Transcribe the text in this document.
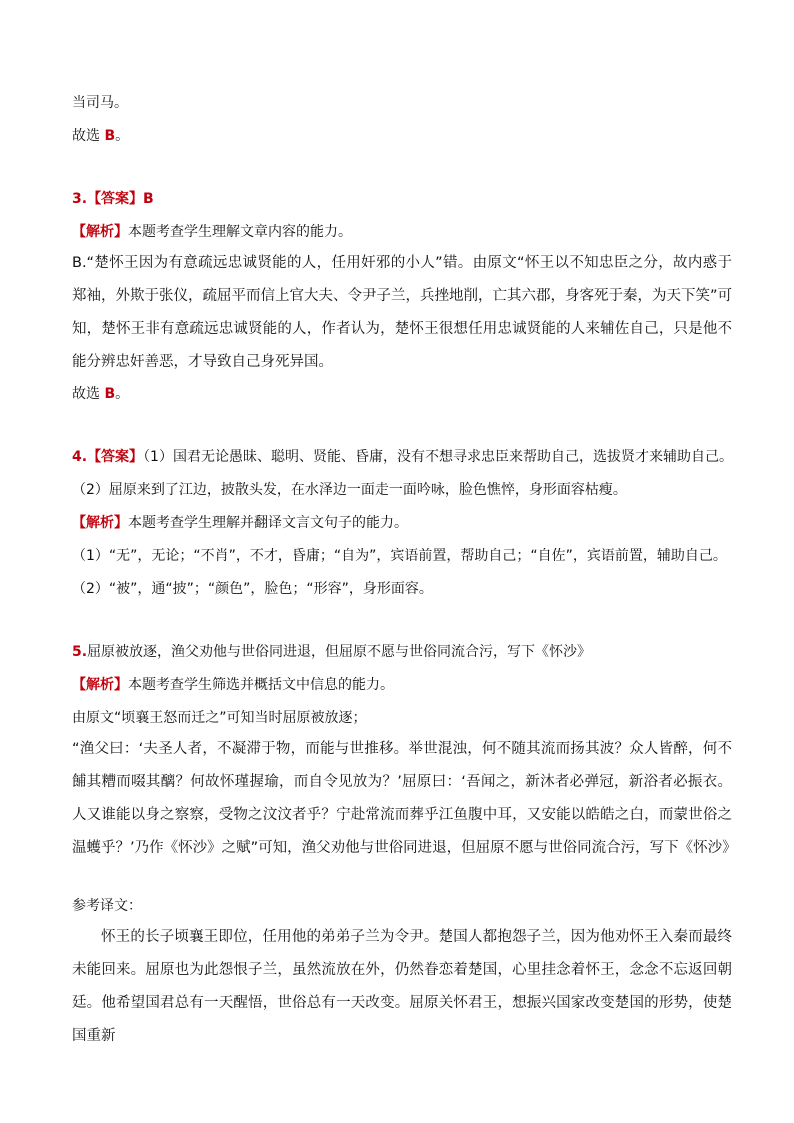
当司马。

故选 B。

3.【答案】B

【解析】本题考查学生理解文章内容的能力。

B.“楚怀王因为有意疏远忠诚贤能的人，任用奸邪的小人”错。由原文“怀王以不知忠臣之分，故内惑于郑袖，外欺于张仪，疏屈平而信上官大夫、令尹子兰，兵挫地削，亡其六郡，身客死于秦，为天下笑”可知，楚怀王非有意疏远忠诚贤能的人，作者认为，楚怀王很想任用忠诚贤能的人来辅佐自己，只是他不能分辨忠奸善恶，才导致自己身死异国。

故选 B。

4.【答案】（1）国君无论愚昧、聪明、贤能、昏庸，没有不想寻求忠臣来帮助自己，选拔贤才来辅助自己。

（2）屈原来到了江边，披散头发，在水泽边一面走一面吟咏，脸色憔悴，身形面容枯瘦。

【解析】本题考查学生理解并翻译文言文句子的能力。

（1）“无”，无论；“不肖”，不才，昏庸；“自为”，宾语前置，帮助自己；“自佐”，宾语前置，辅助自己。

（2）“被”，通“披”；“颜色”，脸色；“形容”，身形面容。

5.屈原被放逐，渔父劝他与世俗同进退，但屈原不愿与世俗同流合污，写下《怀沙》

【解析】本题考查学生筛选并概括文中信息的能力。

由原文“顷襄王怒而迁之”可知当时屈原被放逐；

“渔父曰：‘夫圣人者，不凝滞于物，而能与世推移。举世混浊，何不随其流而扬其波？众人皆醉，何不餔其糟而啜其醨？何故怀瑾握瑜，而自令见放为？’屈原曰：‘吾闻之，新沐者必弹冠，新浴者必振衣。人又谁能以身之察察，受物之汶汶者乎？宁赴常流而葬乎江鱼腹中耳，又安能以皓皓之白，而蒙世俗之温蠖乎？’乃作《怀沙》之赋”可知，渔父劝他与世俗同进退，但屈原不愿与世俗同流合污，写下《怀沙》

参考译文：

怀王的长子顷襄王即位，任用他的弟弟子兰为令尹。楚国人都抱怨子兰，因为他劝怀王入秦而最终未能回来。屈原也为此怨恨子兰，虽然流放在外，仍然眷恋着楚国，心里挂念着怀王，念念不忘返回朝廷。他希望国君总有一天醒悟，世俗总有一天改变。屈原关怀君王，想振兴国家改变楚国的形势，使楚国重新
